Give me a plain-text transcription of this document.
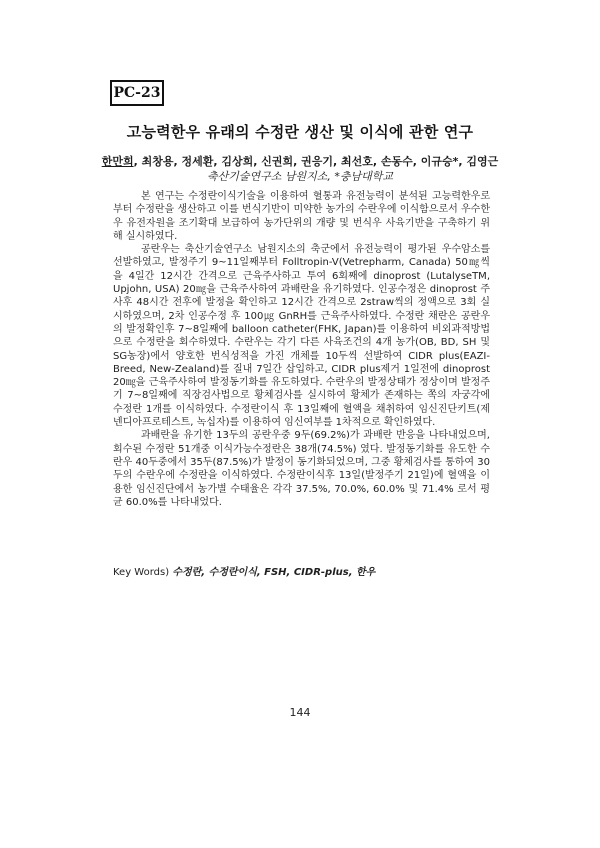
PC-23
고능력한우 유래의 수정란 생산 및 이식에 관한 연구
한만희, 최창용, 정세환, 김상희, 신권희, 권응기, 최선호, 손동수, 이규승*, 김영근
축산기술연구소 남원지소, *충남대학교

본 연구는 수정란이식기술을 이용하여 혈통과 유전능력이 분석된 고능력한우로부터 수정란을 생산하고 이를 번식기반이 미약한 농가의 수란우에 이식함으로서 우수한우 유전자원을 조기확대 보급하여 농가단위의 개량 및 번식우 사육기반을 구축하기 위해 실시하였다.

공란우는 축산기술연구소 남원지소의 축군에서 유전능력이 평가된 우수암소를 선발하였고, 발정주기 9~11일째부터 Folltropin-V(Vetrepharm, Canada) 50㎎씩을 4일간 12시간 간격으로 근육주사하고 투여 6회째에 dinoprost (LutalyseTM, Upjohn, USA) 20㎎을 근육주사하여 과배란을 유기하였다. 인공수정은 dinoprost 주사후 48시간 전후에 발정을 확인하고 12시간 간격으로 2straw씩의 정액으로 3회 실시하였으며, 2차 인공수정 후 100㎍ GnRH를 근육주사하였다. 수정란 채란은 공란우의 발정확인후 7~8일째에 balloon catheter(FHK, Japan)를 이용하여 비외과적방법으로 수정란을 회수하였다. 수란우는 각기 다른 사육조건의 4개 농가(OB, BD, SH 및 SG농장)에서 양호한 번식성적을 가진 개체를 10두씩 선발하여 CIDR plus(EAZI-Breed, New-Zealand)를 질내 7일간 삽입하고, CIDR plus제거 1일전에 dinoprost 20㎎을 근육주사하여 발정동기화를 유도하였다. 수란우의 발정상태가 정상이며 발정주기 7~8일째에 직장검사법으로 황체검사를 실시하여 황체가 존재하는 쪽의 자궁각에 수정란 1개를 이식하였다. 수정란이식 후 13일째에 혈액을 채취하여 임신진단키트(제넨디아프로테스트, 녹십자)를 이용하여 임신여부를 1차적으로 확인하였다.

과배란을 유기한 13두의 공란우중 9두(69.2%)가 과배란 반응을 나타내었으며, 회수된 수정란 51개중 이식가능수정란은 38개(74.5%) 였다. 발정동기화를 유도한 수란우 40두중에서 35두(87.5%)가 발정이 동기화되었으며, 그중 황체검사를 통하여 30두의 수란우에 수정란을 이식하였다. 수정란이식후 13일(발정주기 21일)에 혈액을 이용한 임신진단에서 농가별 수태율은 각각 37.5%, 70.0%, 60.0% 및 71.4% 로서 평균 60.0%를 나타내었다.

Key Words) 수정란, 수정란이식, FSH, CIDR-plus, 한우
144
